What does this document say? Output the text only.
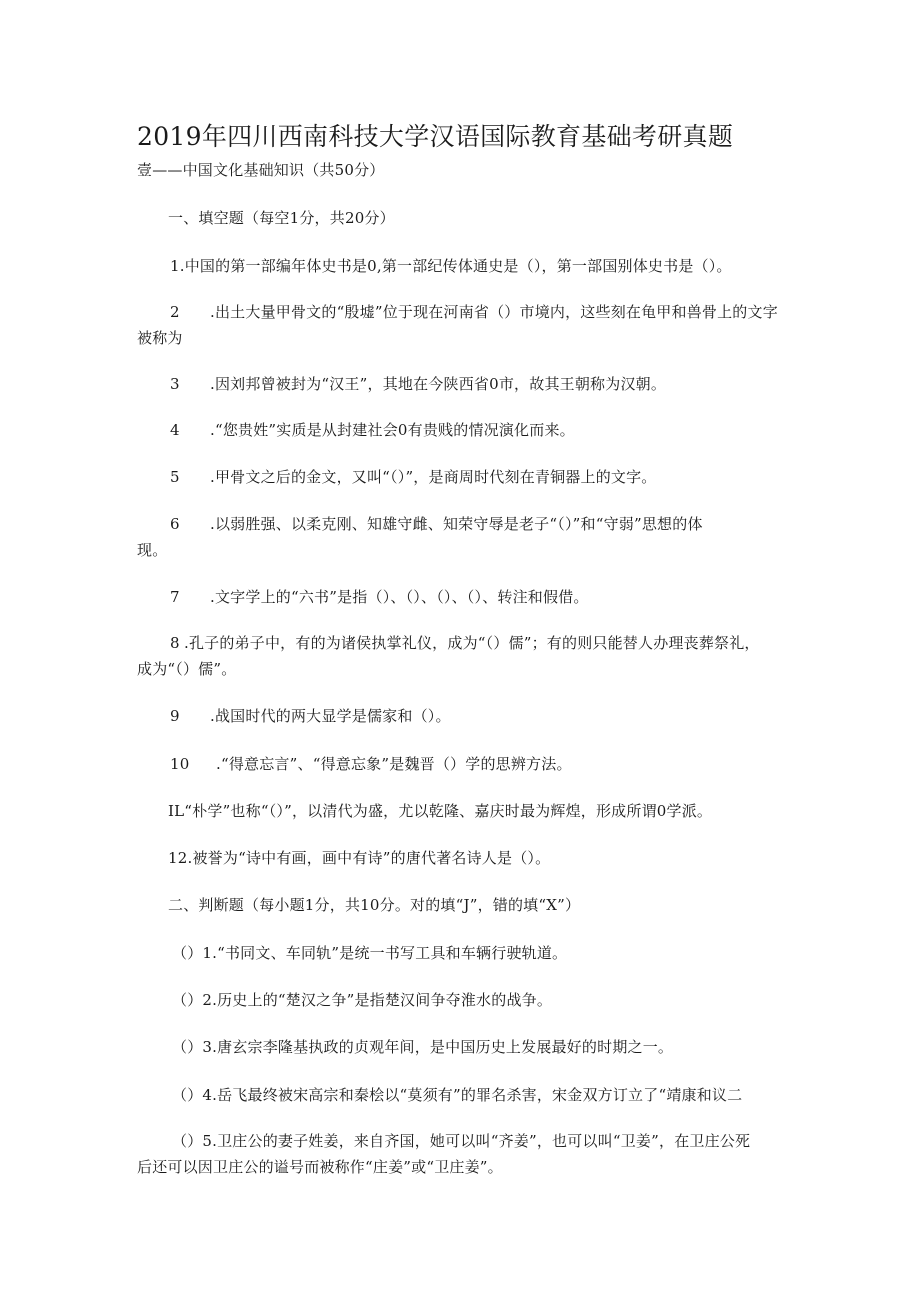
2019年四川西南科技大学汉语国际教育基础考研真题
壹——中国文化基础知识（共50分）
一、填空题（每空1分，共20分）
1.中国的第一部编年体史书是0,第一部纪传体通史是（），第一部国别体史书是（）。
2 .出土大量甲骨文的“殷墟”位于现在河南省（）市境内，这些刻在龟甲和兽骨上的文字
被称为
3 .因刘邦曾被封为“汉王”，其地在今陕西省0市，故其王朝称为汉朝。
4 .“您贵姓”实质是从封建社会0有贵贱的情况演化而来。
5 .甲骨文之后的金文，又叫“（）”，是商周时代刻在青铜器上的文字。
6 .以弱胜强、以柔克刚、知雄守雌、知荣守辱是老子“（）”和“守弱”思想的体
现。
7 .文字学上的“六书”是指（）、（）、（）、（）、转注和假借。
8 .孔子的弟子中，有的为诸侯执掌礼仪，成为“（）儒”；有的则只能替人办理丧葬祭礼，
成为“（）儒”。
9 .战国时代的两大显学是儒家和（）。
10 .“得意忘言”、“得意忘象”是魏晋（）学的思辨方法。
IL“朴学”也称“（）”，以清代为盛，尤以乾隆、嘉庆时最为辉煌，形成所谓0学派。
12.被誉为“诗中有画，画中有诗”的唐代著名诗人是（）。
二、判断题（每小题1分，共10分。对的填“J”，错的填“X”）
（）1.“书同文、车同轨”是统一书写工具和车辆行驶轨道。
（）2.历史上的“楚汉之争”是指楚汉间争夺淮水的战争。
（）3.唐玄宗李隆基执政的贞观年间，是中国历史上发展最好的时期之一。
（）4.岳飞最终被宋高宗和秦桧以“莫须有”的罪名杀害，宋金双方订立了“靖康和议二
（）5.卫庄公的妻子姓姜，来自齐国，她可以叫“齐姜”，也可以叫“卫姜”，在卫庄公死
后还可以因卫庄公的谥号而被称作“庄姜”或“卫庄姜”。
